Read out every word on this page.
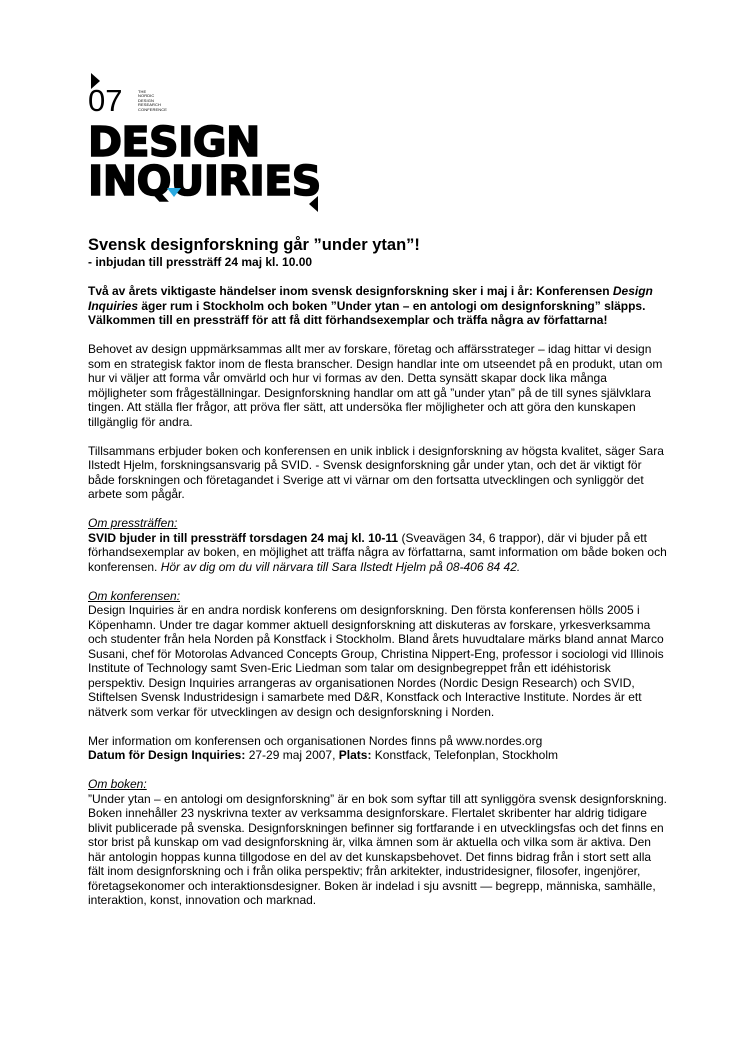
07	THE
NORDIC
DESIGN
RESEARCH
CONFERENCE
DESIGN
INQUIRIES
Svensk designforskning går ”under ytan”!
- inbjudan till pressträff 24 maj kl. 10.00

Två av årets viktigaste händelser inom svensk designforskning sker i maj i år: Konferensen Design Inquiries äger rum i Stockholm och boken ”Under ytan – en antologi om designforskning” släpps. Välkommen till en pressträff för att få ditt förhandsexemplar och träffa några av författarna!

Behovet av design uppmärksammas allt mer av forskare, företag och affärsstrateger – idag hittar vi design som en strategisk faktor inom de flesta branscher. Design handlar inte om utseendet på en produkt, utan om hur vi väljer att forma vår omvärld och hur vi formas av den. Detta synsätt skapar dock lika många möjligheter som frågeställningar. Designforskning handlar om att gå ”under ytan” på de till synes självklara tingen. Att ställa fler frågor, att pröva fler sätt, att undersöka fler möjligheter och att göra den kunskapen tillgänglig för andra.

Tillsammans erbjuder boken och konferensen en unik inblick i designforskning av högsta kvalitet, säger Sara Ilstedt Hjelm, forskningsansvarig på SVID. - Svensk designforskning går under ytan, och det är viktigt för både forskningen och företagandet i Sverige att vi värnar om den fortsatta utvecklingen och synliggör det arbete som pågår.

Om pressträffen:
SVID bjuder in till pressträff torsdagen 24 maj kl. 10-11 (Sveavägen 34, 6 trappor), där vi bjuder på ett förhandsexemplar av boken, en möjlighet att träffa några av författarna, samt information om både boken och konferensen. Hör av dig om du vill närvara till Sara Ilstedt Hjelm på 08-406 84 42.

Om konferensen:
Design Inquiries är en andra nordisk konferens om designforskning. Den första konferensen hölls 2005 i Köpenhamn. Under tre dagar kommer aktuell designforskning att diskuteras av forskare, yrkesverksamma och studenter från hela Norden på Konstfack i Stockholm. Bland årets huvudtalare märks bland annat Marco Susani, chef för Motorolas Advanced Concepts Group, Christina Nippert-Eng, professor i sociologi vid Illinois Institute of Technology samt Sven-Eric Liedman som talar om designbegreppet från ett idéhistorisk perspektiv. Design Inquiries arrangeras av organisationen Nordes (Nordic Design Research) och SVID, Stiftelsen Svensk Industridesign i samarbete med D&R, Konstfack och Interactive Institute. Nordes är ett nätverk som verkar för utvecklingen av design och designforskning i Norden.

Mer information om konferensen och organisationen Nordes finns på www.nordes.org
Datum för Design Inquiries: 27-29 maj 2007, Plats: Konstfack, Telefonplan, Stockholm

Om boken:
”Under ytan – en antologi om designforskning” är en bok som syftar till att synliggöra svensk designforskning. Boken innehåller 23 nyskrivna texter av verksamma designforskare. Flertalet skribenter har aldrig tidigare blivit publicerade på svenska. Designforskningen befinner sig fortfarande i en utvecklingsfas och det finns en stor brist på kunskap om vad designforskning är, vilka ämnen som är aktuella och vilka som är aktiva. Den här antologin hoppas kunna tillgodose en del av det kunskapsbehovet. Det finns bidrag från i stort sett alla fält inom designforskning och i från olika perspektiv; från arkitekter, industridesigner, filosofer, ingenjörer, företagsekonomer och interaktionsdesigner. Boken är indelad i sju avsnitt — begrepp, människa, samhälle, interaktion, konst, innovation och marknad.
